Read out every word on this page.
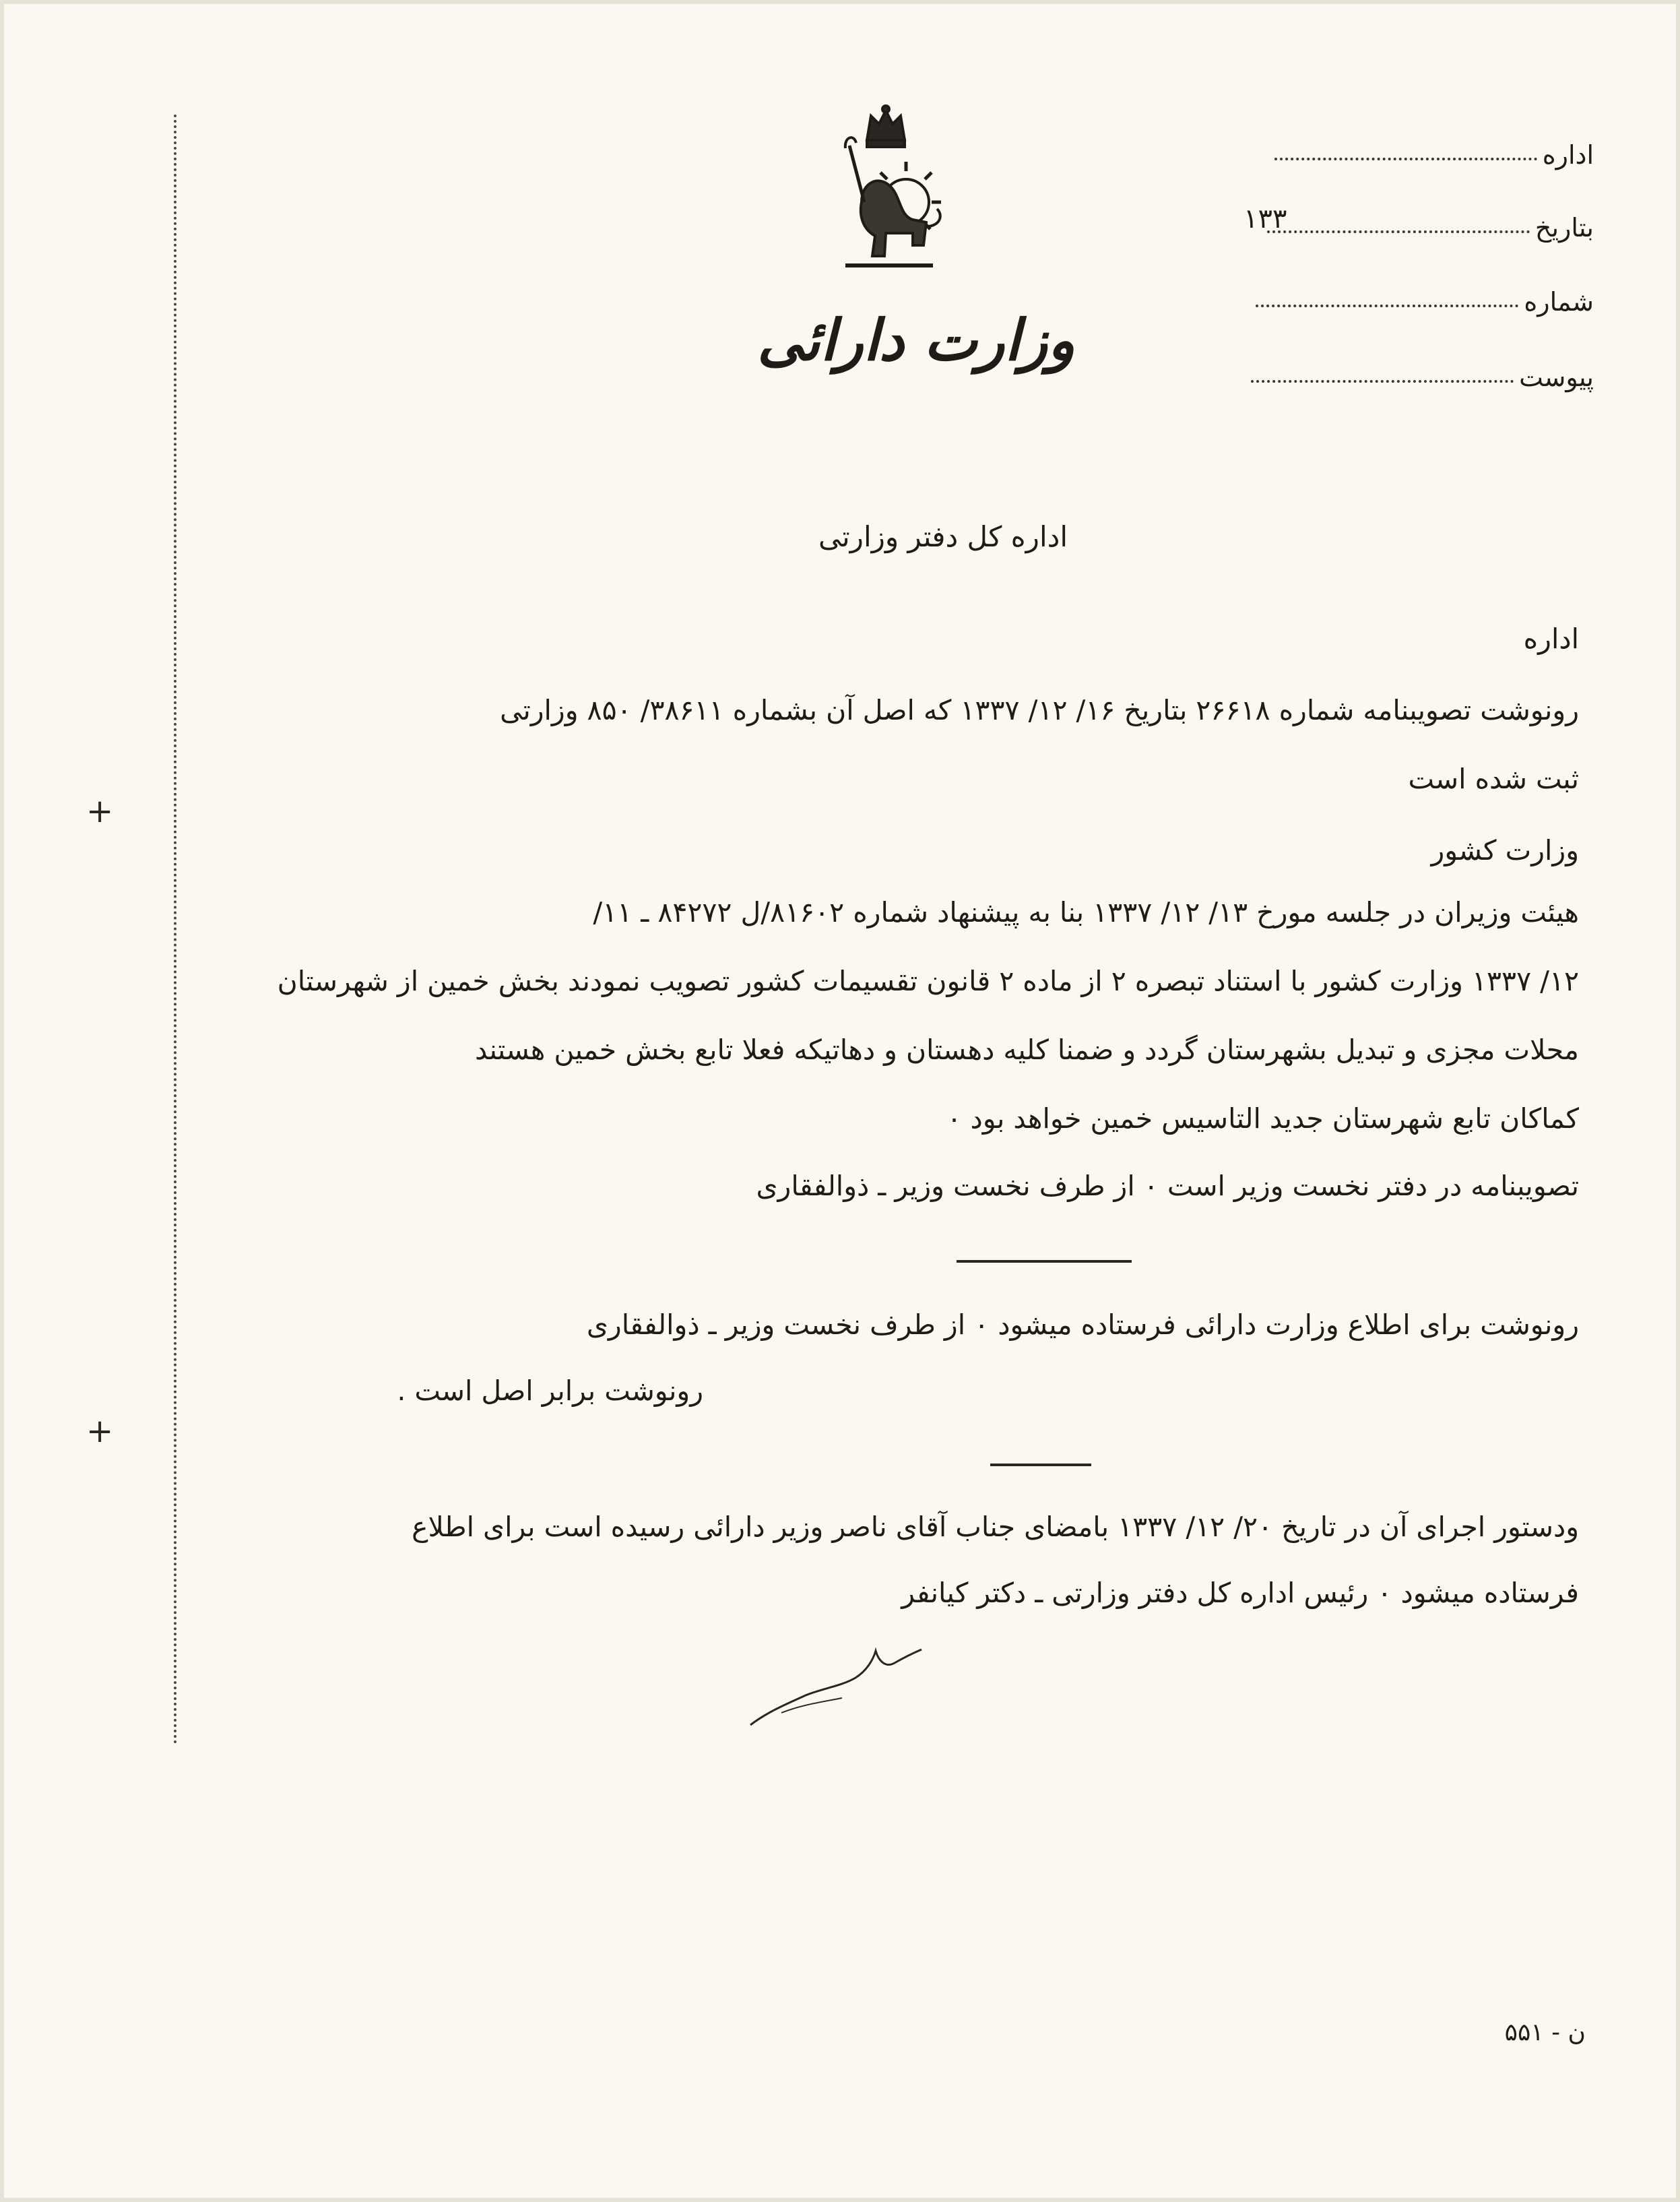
+
+
وزارت دارائی
اداره
بتاریخ
۱۳۳
شماره
پیوست
اداره کل دفتر وزارتی
اداره
رونوشت تصویبنامه شماره ۲۶۶۱۸ بتاریخ ۱۶/ ۱۲/ ۱۳۳۷ که اصل آن بشماره ۳۸۶۱۱/ ۸۵۰ وزارتی
ثبت شده است
وزارت کشور
هیئت وزیران در جلسه مورخ ۱۳/ ۱۲/ ۱۳۳۷ بنا به پیشنهاد شماره ۸۱۶۰۲/ل ۸۴۲۷۲ ـ ۱۱/
۱۲/ ۱۳۳۷ وزارت کشور با استناد تبصره ۲ از ماده ۲ قانون تقسیمات کشور تصویب نمودند بخش خمین از شهرستان
محلات مجزی و تبدیل بشهرستان گردد و ضمنا کلیه دهستان و دهاتیکه فعلا تابع بخش خمین هستند
کماکان تابع شهرستان جدید التاسیس خمین خواهد بود ۰
تصویبنامه در دفتر نخست وزیر است ۰ از طرف نخست وزیر ـ ذوالفقاری
رونوشت برای اطلاع وزارت دارائی فرستاده میشود ۰ از طرف نخست وزیر ـ ذوالفقاری
رونوشت برابر اصل است .
ودستور اجرای آن در تاریخ ۲۰/ ۱۲/ ۱۳۳۷ بامضای جناب آقای ناصر وزیر دارائی رسیده است برای اطلاع
فرستاده میشود ۰ رئیس اداره کل دفتر وزارتی ـ دکتر کیانفر
ن - ۵۵۱
